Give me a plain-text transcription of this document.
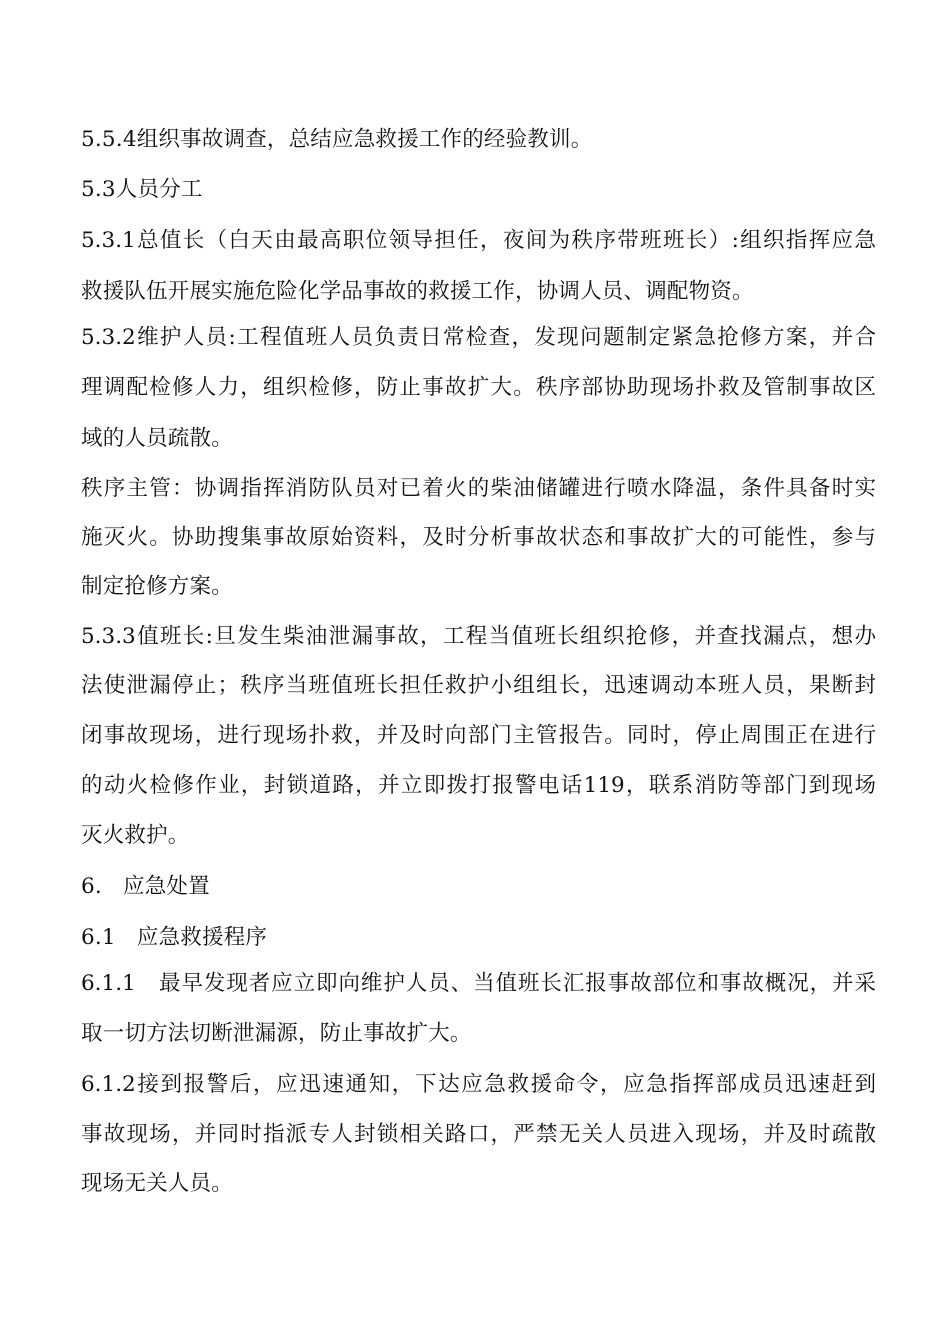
5.5.4组织事故调查，总结应急救援工作的经验教训。
5.3人员分工
5.3.1总值长（白天由最高职位领导担任，夜间为秩序带班班长）:组织指挥应急
救援队伍开展实施危险化学品事故的救援工作，协调人员、调配物资。
5.3.2维护人员:工程值班人员负责日常检查，发现问题制定紧急抢修方案，并合
理调配检修人力，组织检修，防止事故扩大。秩序部协助现场扑救及管制事故区
域的人员疏散。
秩序主管：协调指挥消防队员对已着火的柴油储罐进行喷水降温，条件具备时实
施灭火。协助搜集事故原始资料，及时分析事故状态和事故扩大的可能性，参与
制定抢修方案。
5.3.3值班长:旦发生柴油泄漏事故，工程当值班长组织抢修，并查找漏点，想办
法使泄漏停止；秩序当班值班长担任救护小组组长，迅速调动本班人员，果断封
闭事故现场，进行现场扑救，并及时向部门主管报告。同时，停止周围正在进行
的动火检修作业，封锁道路，并立即拨打报警电话119，联系消防等部门到现场
灭火救护。
6.   应急处置
6.1   应急救援程序
6.1.1   最早发现者应立即向维护人员、当值班长汇报事故部位和事故概况，并采
取一切方法切断泄漏源，防止事故扩大。
6.1.2接到报警后，应迅速通知，下达应急救援命令，应急指挥部成员迅速赶到
事故现场，并同时指派专人封锁相关路口，严禁无关人员进入现场，并及时疏散
现场无关人员。
